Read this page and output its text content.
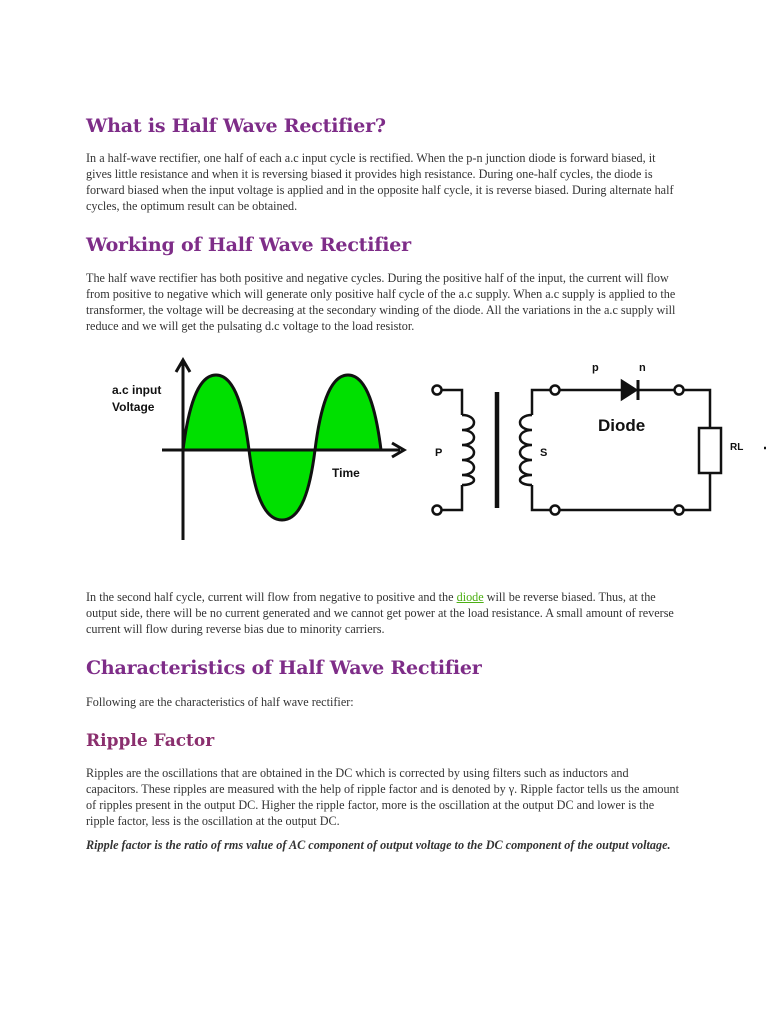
What is Half Wave Rectifier?

In a half-wave rectifier, one half of each a.c input cycle is rectified. When the p-n junction diode is forward biased, it gives little resistance and when it is reversing biased it provides high resistance. During one-half cycles, the diode is forward biased when the input voltage is applied and in the opposite half cycle, it is reverse biased. During alternate half cycles, the optimum result can be obtained.

Working of Half Wave Rectifier

The half wave rectifier has both positive and negative cycles. During the positive half of the input, the current will flow from positive to negative which will generate only positive half cycle of the a.c supply. When a.c supply is applied to the transformer, the voltage will be decreasing at the secondary winding of the diode. All the variations in the a.c supply will reduce and we will get the pulsating d.c voltage to the load resistor.

In the second half cycle, current will flow from negative to positive and the diode will be reverse biased. Thus, at the output side, there will be no current generated and we cannot get power at the load resistance. A small amount of reverse current will flow during reverse bias due to minority carriers.

Characteristics of Half Wave Rectifier

Following are the characteristics of half wave rectifier:

Ripple Factor

Ripples are the oscillations that are obtained in the DC which is corrected by using filters such as inductors and capacitors. These ripples are measured with the help of ripple factor and is denoted by γ. Ripple factor tells us the amount of ripples present in the output DC. Higher the ripple factor, more is the oscillation at the output DC and lower is the ripple factor, less is the oscillation at the output DC.

Ripple factor is the ratio of rms value of AC component of output voltage to the DC component of the output voltage.

a.c input
Voltage
Time
P	S
p	n
Diode
RL
